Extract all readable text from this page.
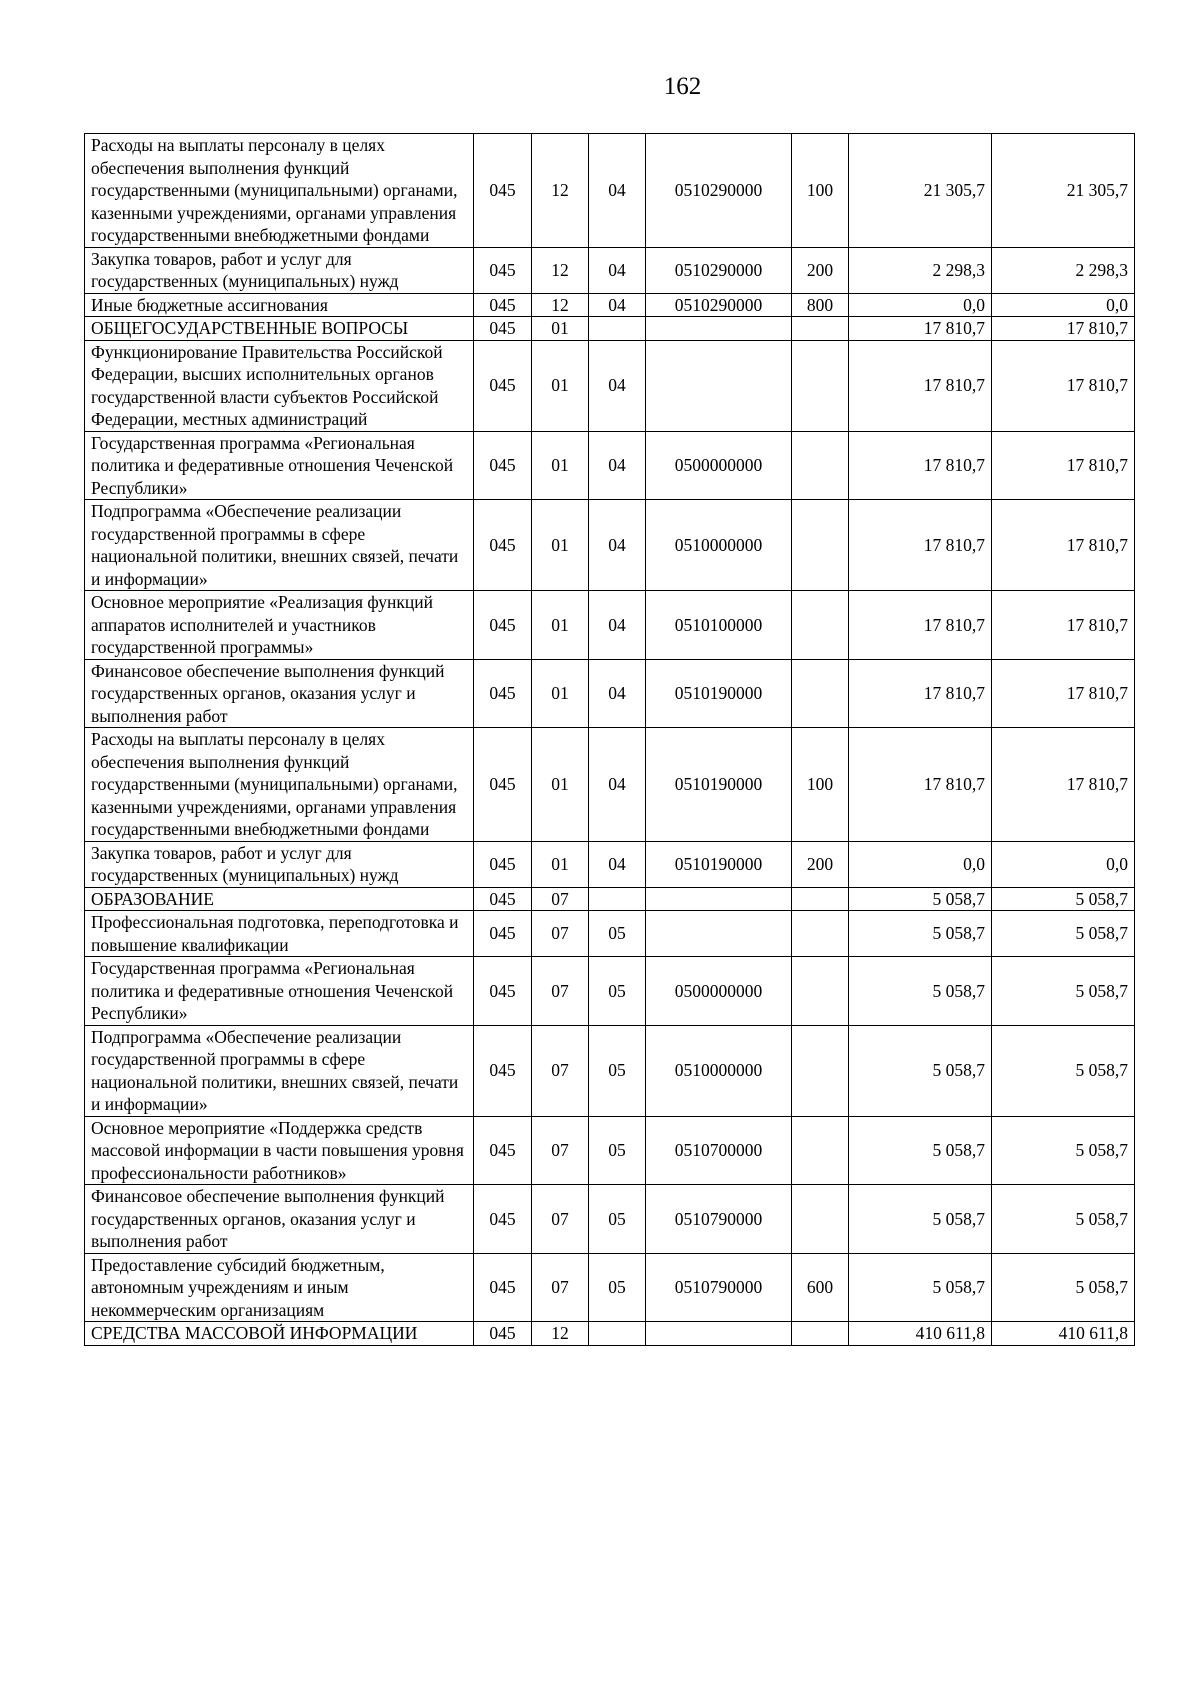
162
Расходы на выплаты персоналу в целях обеспечения выполнения функций государственными (муниципальными) органами, казенными учреждениями, органами управления государственными внебюджетными фондами	045	12	04	0510290000	100	21 305,7	21 305,7
Закупка товаров, работ и услуг для государственных (муниципальных) нужд	045	12	04	0510290000	200	2 298,3	2 298,3
Иные бюджетные ассигнования	045	12	04	0510290000	800	0,0	0,0
ОБЩЕГОСУДАРСТВЕННЫЕ ВОПРОСЫ	045	01				17 810,7	17 810,7
Функционирование Правительства Российской Федерации, высших исполнительных органов государственной власти субъектов Российской Федерации, местных администраций	045	01	04			17 810,7	17 810,7
Государственная программа «Региональная политика и федеративные отношения Чеченской Республики»	045	01	04	0500000000		17 810,7	17 810,7
Подпрограмма «Обеспечение реализации государственной программы в сфере национальной политики, внешних связей, печати и информации»	045	01	04	0510000000		17 810,7	17 810,7
Основное мероприятие «Реализация функций аппаратов исполнителей и участников государственной программы»	045	01	04	0510100000		17 810,7	17 810,7
Финансовое обеспечение выполнения функций государственных органов, оказания услуг и выполнения работ	045	01	04	0510190000		17 810,7	17 810,7
Расходы на выплаты персоналу в целях обеспечения выполнения функций государственными (муниципальными) органами, казенными учреждениями, органами управления государственными внебюджетными фондами	045	01	04	0510190000	100	17 810,7	17 810,7
Закупка товаров, работ и услуг для государственных (муниципальных) нужд	045	01	04	0510190000	200	0,0	0,0
ОБРАЗОВАНИЕ	045	07				5 058,7	5 058,7
Профессиональная подготовка, переподготовка и повышение квалификации	045	07	05			5 058,7	5 058,7
Государственная программа «Региональная политика и федеративные отношения Чеченской Республики»	045	07	05	0500000000		5 058,7	5 058,7
Подпрограмма «Обеспечение реализации государственной программы в сфере национальной политики, внешних связей, печати и информации»	045	07	05	0510000000		5 058,7	5 058,7
Основное мероприятие «Поддержка средств массовой информации в части повышения уровня профессиональности работников»	045	07	05	0510700000		5 058,7	5 058,7
Финансовое обеспечение выполнения функций государственных органов, оказания услуг и выполнения работ	045	07	05	0510790000		5 058,7	5 058,7
Предоставление субсидий бюджетным, автономным учреждениям и иным некоммерческим организациям	045	07	05	0510790000	600	5 058,7	5 058,7
СРЕДСТВА МАССОВОЙ ИНФОРМАЦИИ	045	12				410 611,8	410 611,8
